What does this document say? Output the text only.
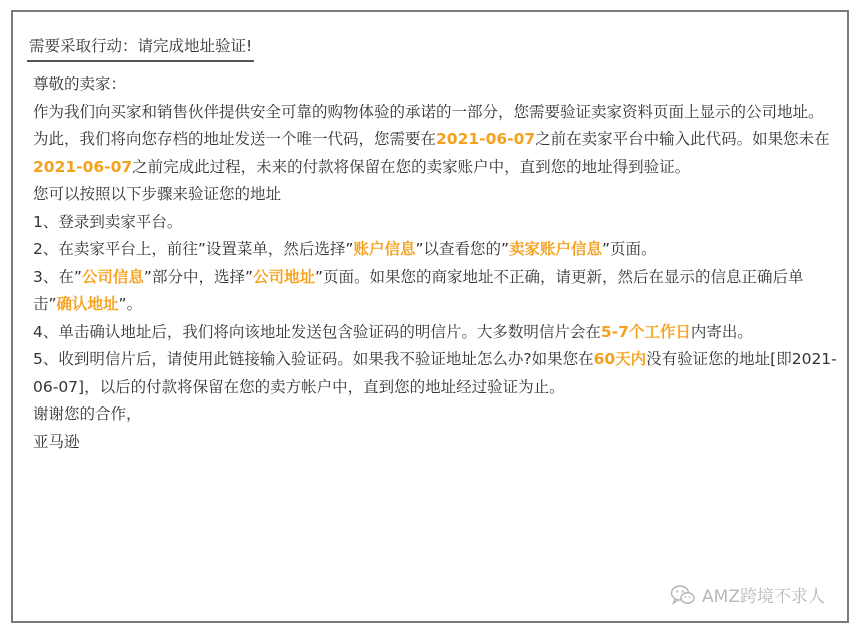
需要采取行动：请完成地址验证!

尊敬的卖家：

作为我们向买家和销售伙伴提供安全可靠的购物体验的承诺的一部分，您需要验证卖家资料页面上显示的公司地址。

为此，我们将向您存档的地址发送一个唯一代码，您需要在2021-06-07之前在卖家平台中输入此代码。如果您未在2021-06-07之前完成此过程，未来的付款将保留在您的卖家账户中，直到您的地址得到验证。

您可以按照以下步骤来验证您的地址

1、登录到卖家平台。

2、在卖家平台上，前往”设置菜单，然后选择”账户信息”以查看您的”卖家账户信息”页面。

3、在”公司信息”部分中，选择”公司地址”页面。如果您的商家地址不正确，请更新，然后在显示的信息正确后单击”确认地址”。

4、单击确认地址后，我们将向该地址发送包含验证码的明信片。大多数明信片会在5-7个工作日内寄出。

5、收到明信片后，请使用此链接输入验证码。如果我不验证地址怎么办?如果您在60天内没有验证您的地址[即2021-06-07]，以后的付款将保留在您的卖方帐户中，直到您的地址经过验证为止。

谢谢您的合作，

亚马逊

AMZ跨境不求人
